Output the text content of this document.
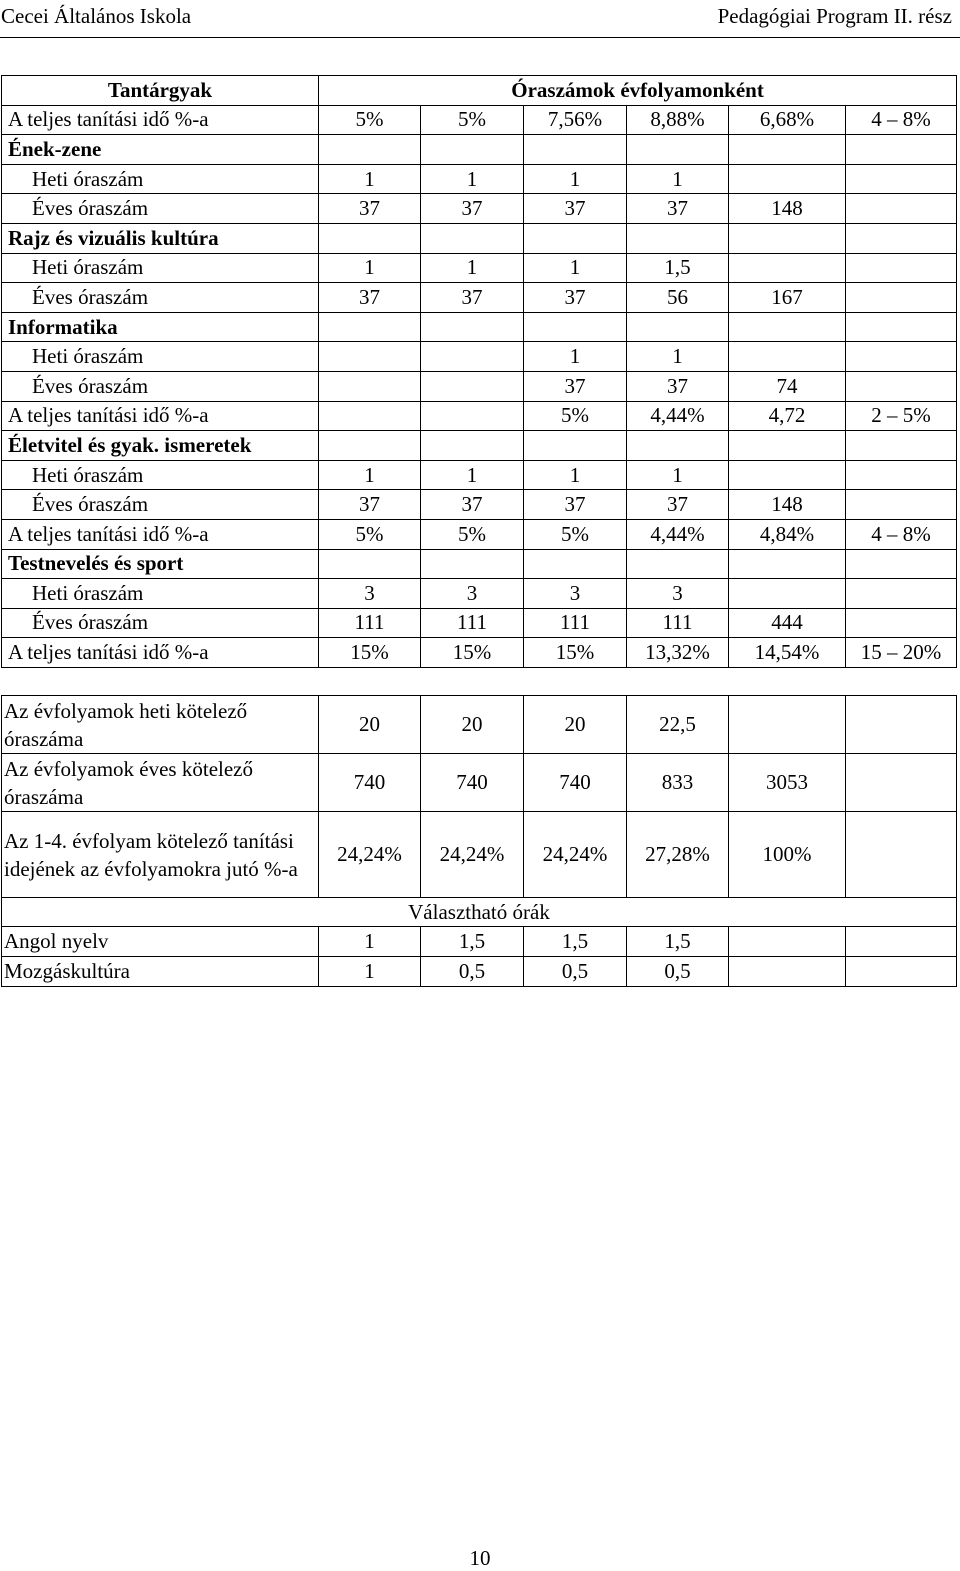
Cecei Általános Iskola	Pedagógiai Program II. rész
Tantárgyak	Óraszámok évfolyamonként					
A teljes tanítási idő %-a	5%	5%	7,56%	8,88%	6,68%	4 – 8%
Ének-zene						
Heti óraszám	1	1	1	1		
Éves óraszám	37	37	37	37	148	
Rajz és vizuális kultúra						
Heti óraszám	1	1	1	1,5		
Éves óraszám	37	37	37	56	167	
Informatika						
Heti óraszám			1	1		
Éves óraszám			37	37	74	
A teljes tanítási idő %-a			5%	4,44%	4,72	2 – 5%
Életvitel és gyak. ismeretek						
Heti óraszám	1	1	1	1		
Éves óraszám	37	37	37	37	148	
A teljes tanítási idő %-a	5%	5%	5%	4,44%	4,84%	4 – 8%
Testnevelés és sport						
Heti óraszám	3	3	3	3		
Éves óraszám	111	111	111	111	444	
A teljes tanítási idő %-a	15%	15%	15%	13,32%	14,54%	15 – 20%
Az évfolyamok heti kötelező óraszáma	20	20	20	22,5		
Az évfolyamok éves kötelező óraszáma	740	740	740	833	3053	
Az 1-4. évfolyam kötelező tanítási idejének az évfolyamokra jutó %-a	24,24%	24,24%	24,24%	27,28%	100%	
Választható órák						
Angol nyelv	1	1,5	1,5	1,5		
Mozgáskultúra	1	0,5	0,5	0,5		
10
